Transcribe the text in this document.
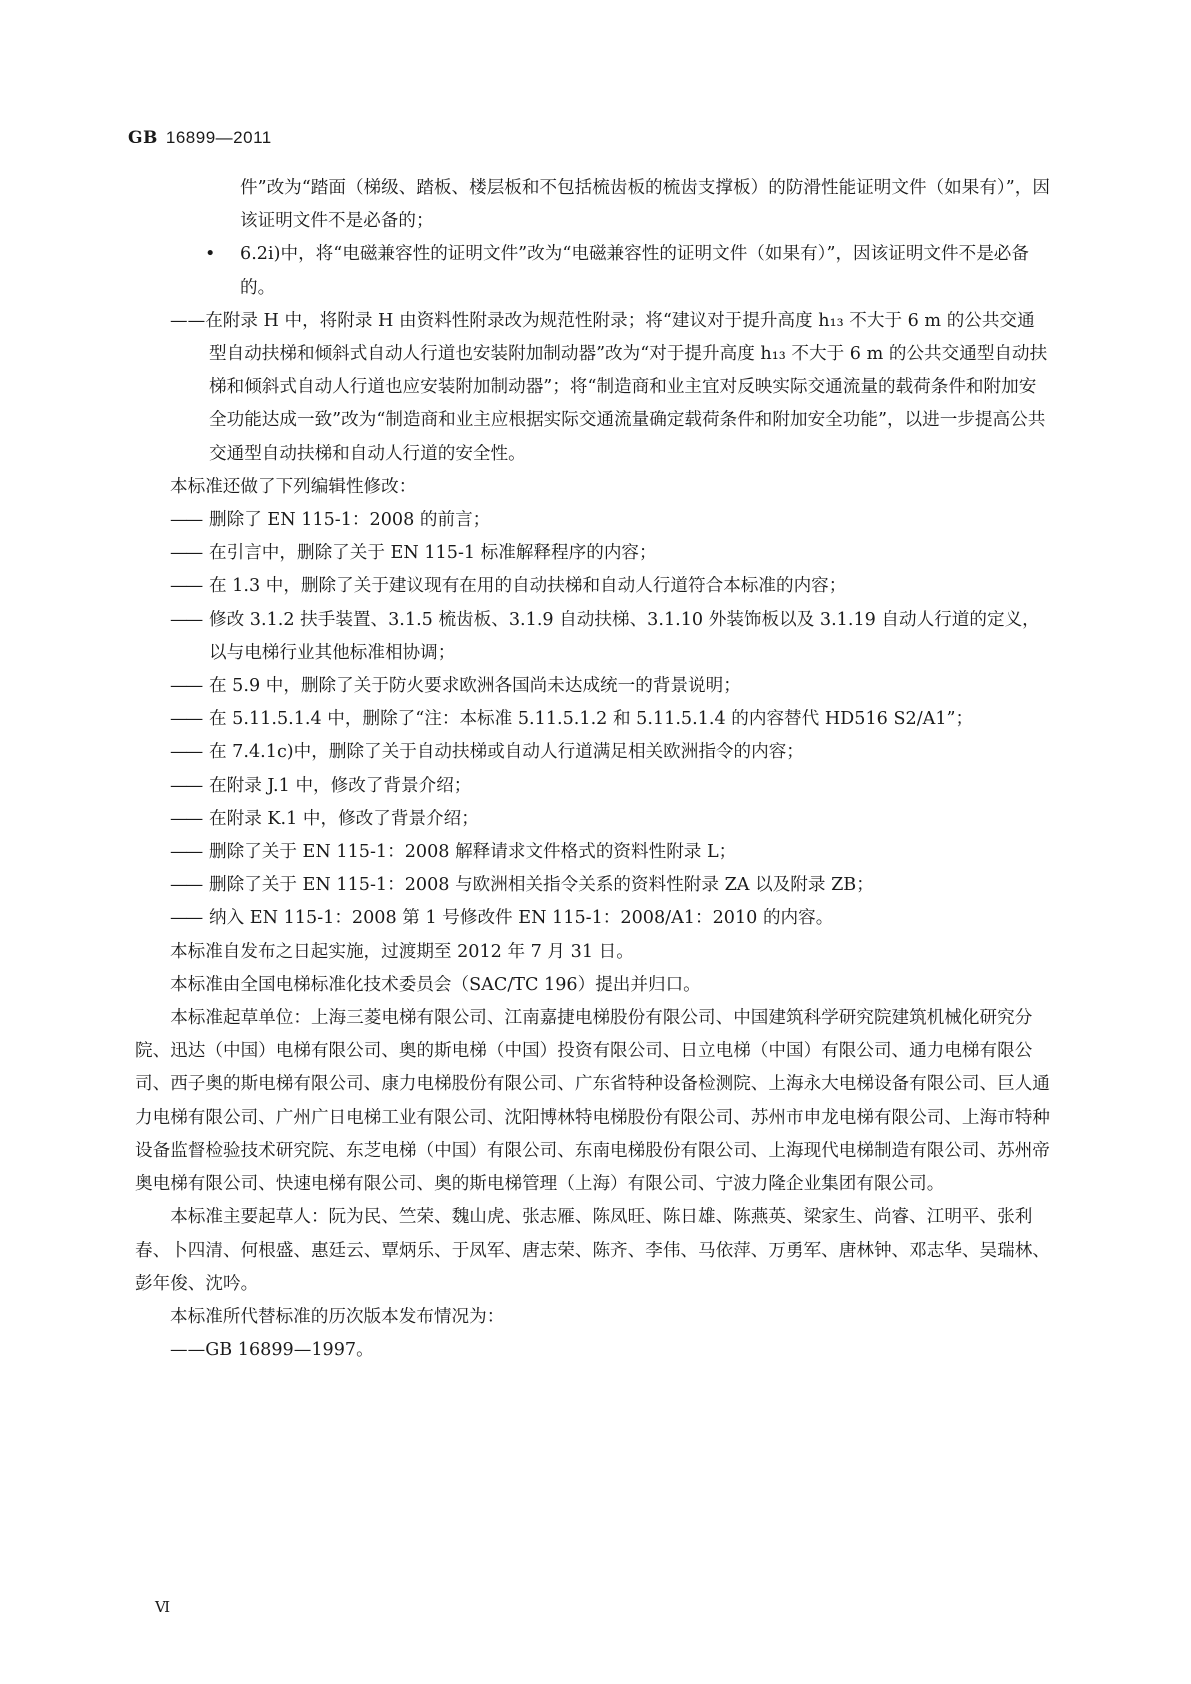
GB 16899—2011

件”改为“踏面（梯级、踏板、楼层板和不包括梳齿板的梳齿支撑板）的防滑性能证明文件（如果有）”，因该证明文件不是必备的；

• 6.2i)中，将“电磁兼容性的证明文件”改为“电磁兼容性的证明文件（如果有）”，因该证明文件不是必备的。

——在附录 H 中，将附录 H 由资料性附录改为规范性附录；将“建议对于提升高度 h₁₃ 不大于 6 m 的公共交通型自动扶梯和倾斜式自动人行道也安装附加制动器”改为“对于提升高度 h₁₃ 不大于 6 m 的公共交通型自动扶梯和倾斜式自动人行道也应安装附加制动器”；将“制造商和业主宜对反映实际交通流量的载荷条件和附加安全功能达成一致”改为“制造商和业主应根据实际交通流量确定载荷条件和附加安全功能”，以进一步提高公共交通型自动扶梯和自动人行道的安全性。

本标准还做了下列编辑性修改：

—— 删除了 EN 115-1：2008 的前言；

—— 在引言中，删除了关于 EN 115-1 标准解释程序的内容；

—— 在 1.3 中，删除了关于建议现有在用的自动扶梯和自动人行道符合本标准的内容；

—— 修改 3.1.2 扶手装置、3.1.5 梳齿板、3.1.9 自动扶梯、3.1.10 外装饰板以及 3.1.19 自动人行道的定义，以与电梯行业其他标准相协调；

—— 在 5.9 中，删除了关于防火要求欧洲各国尚未达成统一的背景说明；

—— 在 5.11.5.1.4 中，删除了“注：本标准 5.11.5.1.2 和 5.11.5.1.4 的内容替代 HD516 S2/A1”；

—— 在 7.4.1c)中，删除了关于自动扶梯或自动人行道满足相关欧洲指令的内容；

—— 在附录 J.1 中，修改了背景介绍；

—— 在附录 K.1 中，修改了背景介绍；

—— 删除了关于 EN 115-1：2008 解释请求文件格式的资料性附录 L；

—— 删除了关于 EN 115-1：2008 与欧洲相关指令关系的资料性附录 ZA 以及附录 ZB；

—— 纳入 EN 115-1：2008 第 1 号修改件 EN 115-1：2008/A1：2010 的内容。

本标准自发布之日起实施，过渡期至 2012 年 7 月 31 日。

本标准由全国电梯标准化技术委员会（SAC/TC 196）提出并归口。

本标准起草单位：上海三菱电梯有限公司、江南嘉捷电梯股份有限公司、中国建筑科学研究院建筑机械化研究分院、迅达（中国）电梯有限公司、奥的斯电梯（中国）投资有限公司、日立电梯（中国）有限公司、通力电梯有限公司、西子奥的斯电梯有限公司、康力电梯股份有限公司、广东省特种设备检测院、上海永大电梯设备有限公司、巨人通力电梯有限公司、广州广日电梯工业有限公司、沈阳博林特电梯股份有限公司、苏州市申龙电梯有限公司、上海市特种设备监督检验技术研究院、东芝电梯（中国）有限公司、东南电梯股份有限公司、上海现代电梯制造有限公司、苏州帝奥电梯有限公司、快速电梯有限公司、奥的斯电梯管理（上海）有限公司、宁波力隆企业集团有限公司。

本标准主要起草人：阮为民、竺荣、魏山虎、张志雁、陈凤旺、陈日雄、陈燕英、梁家生、尚睿、江明平、张利春、卜四清、何根盛、惠廷云、覃炳乐、于凤军、唐志荣、陈齐、李伟、马依萍、万勇军、唐林钟、邓志华、吴瑞林、彭年俊、沈吟。

本标准所代替标准的历次版本发布情况为：

——GB 16899—1997。

Ⅵ
